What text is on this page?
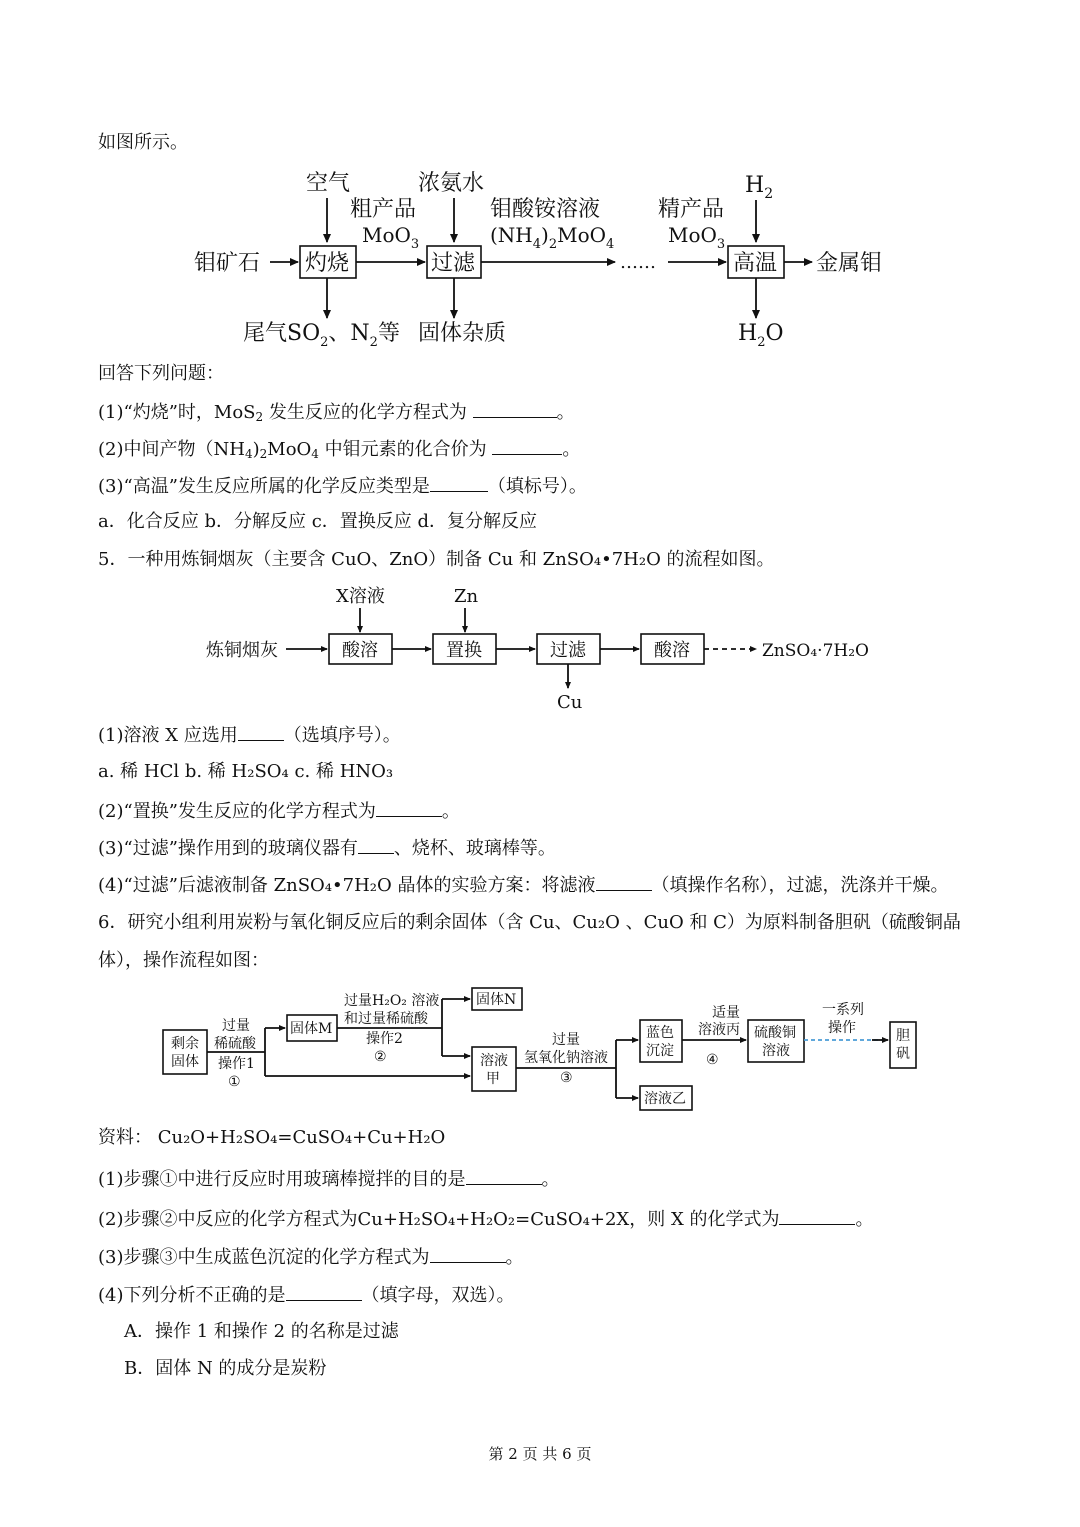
如图所示。
空气	浓氨水	$H_2$
粗产品
MoO$_3$
钼酸铵溶液
$(NH_4)_2MoO_4$
精产品
MoO$_3$
钼矿石 灼烧	过滤	……	高温 金属钼
尾气$SO_2$、$N_2$等 固体杂质	$H_2O$
X溶液	Zn
炼铜烟灰	酸溶	置换	过滤	酸溶	ZnSO₄·7H₂O
Cu
剩余
固体
过量
稀硫酸
操作1
①
固体M
过量H₂O₂ 溶液
和过量稀硫酸
操作2
②
固体N
溶液
甲
过量
氢氧化钠溶液
③
蓝色
沉淀
溶液乙
适量
溶液丙
④
硫酸铜
溶液
一系列
操作	胆
矾
回答下列问题：
(1)“灼烧”时，MoS$_2$ 发生反应的化学方程式为	。
(2)中间产物$(NH_4)_2MoO_4$ 中钼元素的化合价为	。
(3)“高温”发生反应所属的化学反应类型是	（填标号）。
a．化合反应 b．分解反应 c．置换反应 d．复分解反应
5．一种用炼铜烟灰（主要含 CuO、ZnO）制备 Cu 和 ZnSO₄•7H₂O 的流程如图。
(1)溶液 X 应选用	（选填序号）。
a. 稀 HCl b. 稀 H₂SO₄ c. 稀 HNO₃
(2)“置换”发生反应的化学方程式为	。
(3)“过滤”操作用到的玻璃仪器有 、烧杯、玻璃棒等。
(4)“过滤”后滤液制备 ZnSO₄•7H₂O 晶体的实验方案：将滤液	（填操作名称），过滤，洗涤并干燥。
6．研究小组利用炭粉与氧化铜反应后的剩余固体（含 Cu、Cu₂O 、CuO 和 C）为原料制备胆矾（硫酸铜晶
体），操作流程如图：
资料： Cu₂O+H₂SO₄=CuSO₄+Cu+H₂O
(1)步骤①中进行反应时用玻璃棒搅拌的目的是	。
(2)步骤②中反应的化学方程式为Cu+H₂SO₄+H₂O₂=CuSO₄+2X，则 X 的化学式为	。
(3)步骤③中生成蓝色沉淀的化学方程式为	。
(4)下列分析不正确的是	（填字母，双选）。
A．操作 1 和操作 2 的名称是过滤
B．固体 N 的成分是炭粉
第 2 页 共 6 页
